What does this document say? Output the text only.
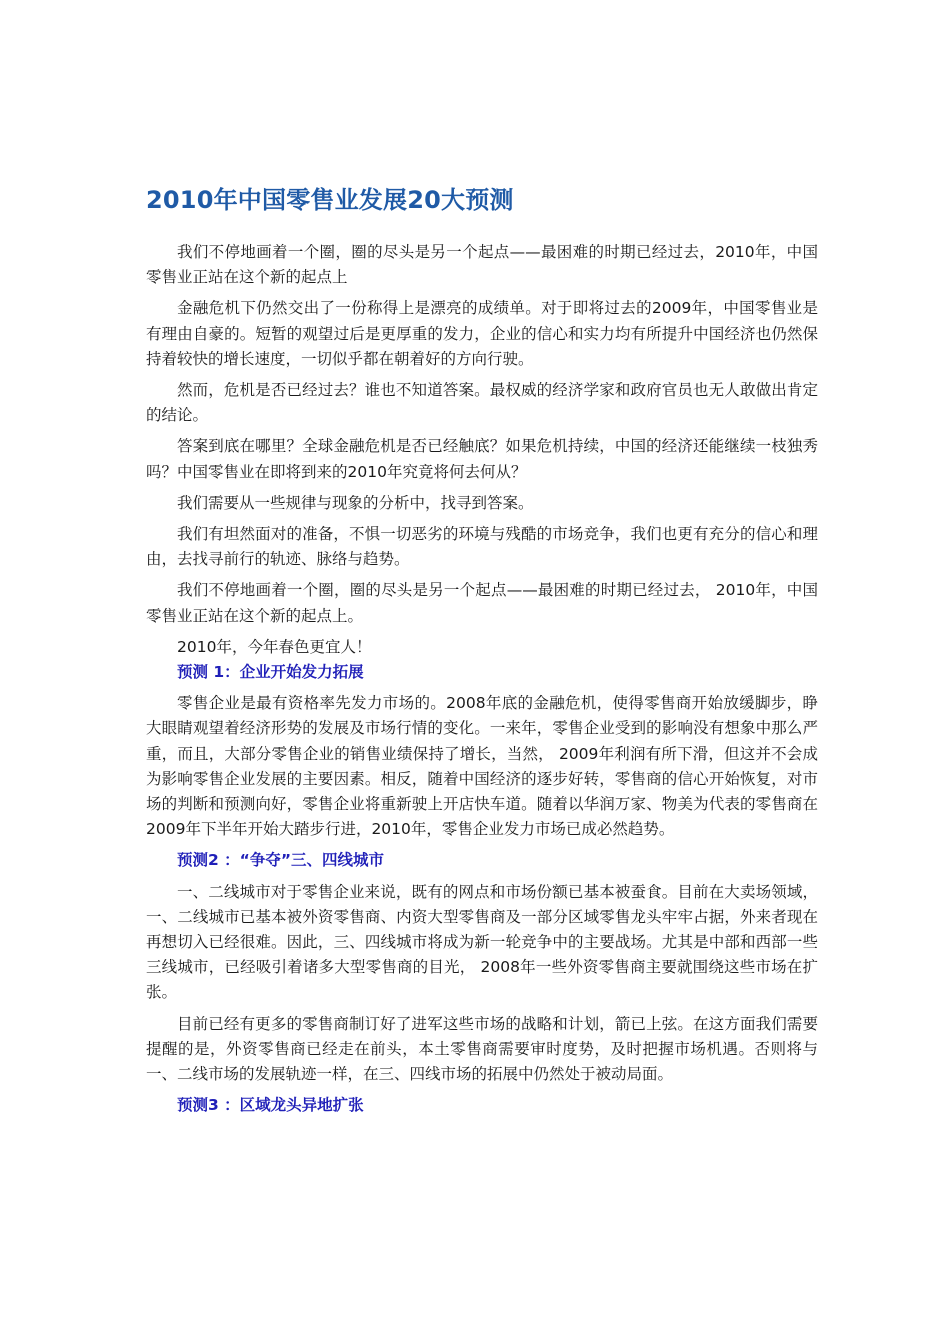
2010年中国零售业发展20大预测

我们不停地画着一个圈，圈的尽头是另一个起点——最困难的时期已经过去，2010年，中国零售业正站在这个新的起点上

金融危机下仍然交出了一份称得上是漂亮的成绩单。对于即将过去的2009年，中国零售业是有理由自豪的。短暂的观望过后是更厚重的发力，企业的信心和实力均有所提升中国经济也仍然保持着较快的增长速度，一切似乎都在朝着好的方向行驶。

然而，危机是否已经过去？谁也不知道答案。最权威的经济学家和政府官员也无人敢做出肯定的结论。

答案到底在哪里？全球金融危机是否已经触底？如果危机持续，中国的经济还能继续一枝独秀吗？中国零售业在即将到来的2010年究竟将何去何从？

我们需要从一些规律与现象的分析中，找寻到答案。

我们有坦然面对的准备，不惧一切恶劣的环境与残酷的市场竞争，我们也更有充分的信心和理由，去找寻前行的轨迹、脉络与趋势。

我们不停地画着一个圈，圈的尽头是另一个起点——最困难的时期已经过去， 2010年，中国零售业正站在这个新的起点上。

2010年，今年春色更宜人！

预测 1：企业开始发力拓展

零售企业是最有资格率先发力市场的。2008年底的金融危机，使得零售商开始放缓脚步，睁大眼睛观望着经济形势的发展及市场行情的变化。一来年，零售企业受到的影响没有想象中那么严重，而且，大部分零售企业的销售业绩保持了增长，当然， 2009年利润有所下滑，但这并不会成为影响零售企业发展的主要因素。相反，随着中国经济的逐步好转，零售商的信心开始恢复，对市场的判断和预测向好，零售企业将重新驶上开店快车道。随着以华润万家、物美为代表的零售商在2009年下半年开始大踏步行进，2010年，零售企业发力市场已成必然趋势。

预测2 ：“争夺”三、四线城市

一、二线城市对于零售企业来说，既有的网点和市场份额已基本被蚕食。目前在大卖场领域，一、二线城市已基本被外资零售商、内资大型零售商及一部分区域零售龙头牢牢占据，外来者现在再想切入已经很难。因此，三、四线城市将成为新一轮竞争中的主要战场。尤其是中部和西部一些三线城市，已经吸引着诸多大型零售商的目光， 2008年一些外资零售商主要就围绕这些市场在扩张。

目前已经有更多的零售商制订好了进军这些市场的战略和计划，箭已上弦。在这方面我们需要提醒的是，外资零售商已经走在前头，本土零售商需要审时度势，及时把握市场机遇。否则将与一、二线市场的发展轨迹一样，在三、四线市场的拓展中仍然处于被动局面。

预测3 ：区域龙头异地扩张
